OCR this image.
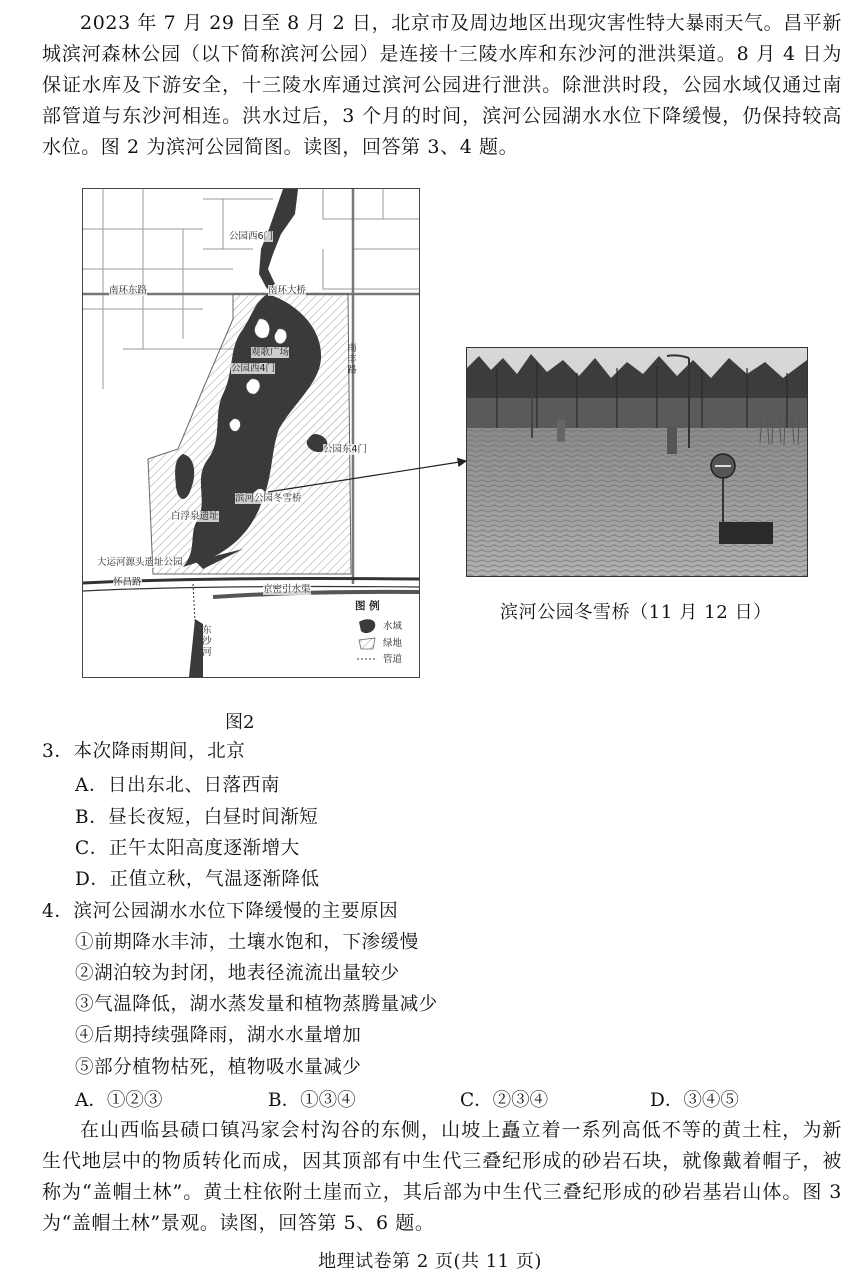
2023 年 7 月 29 日至 8 月 2 日，北京市及周边地区出现灾害性特大暴雨天气。昌平新城滨河森林公园（以下简称滨河公园）是连接十三陵水库和东沙河的泄洪渠道。8 月 4 日为保证水库及下游安全，十三陵水库通过滨河公园进行泄洪。除泄洪时段，公园水域仅通过南部管道与东沙河相连。洪水过后，3 个月的时间，滨河公园湖水水位下降缓慢，仍保持较高水位。图 2 为滨河公园简图。读图，回答第 3、4 题。

公园西6门
南环东路	南环大桥
观歌广场
公园西4门
南丰路
公园东4门
滨河公园冬雪桥
白浮泉遗址
大运河源头遗址公园
怀昌路
京密引水渠
东沙河
图 例
水域
绿地
管道
滨河公园冬雪桥（11 月 12 日）
图2
3．本次降雨期间，北京
A．日出东北、日落西南
B．昼长夜短，白昼时间渐短
C．正午太阳高度逐渐增大
D．正值立秋，气温逐渐降低
4．滨河公园湖水水位下降缓慢的主要原因
①前期降水丰沛，土壤水饱和，下渗缓慢
②湖泊较为封闭，地表径流流出量较少
③气温降低，湖水蒸发量和植物蒸腾量减少
④后期持续强降雨，湖水水量增加
⑤部分植物枯死，植物吸水量减少
A．①②③	B．①③④	C．②③④	D．③④⑤

在山西临县碛口镇冯家会村沟谷的东侧，山坡上矗立着一系列高低不等的黄土柱，为新生代地层中的物质转化而成，因其顶部有中生代三叠纪形成的砂岩石块，就像戴着帽子，被称为“盖帽土林”。黄土柱依附土崖而立，其后部为中生代三叠纪形成的砂岩基岩山体。图 3 为“盖帽土林”景观。读图，回答第 5、6 题。

地理试卷第 2 页(共 11 页)
